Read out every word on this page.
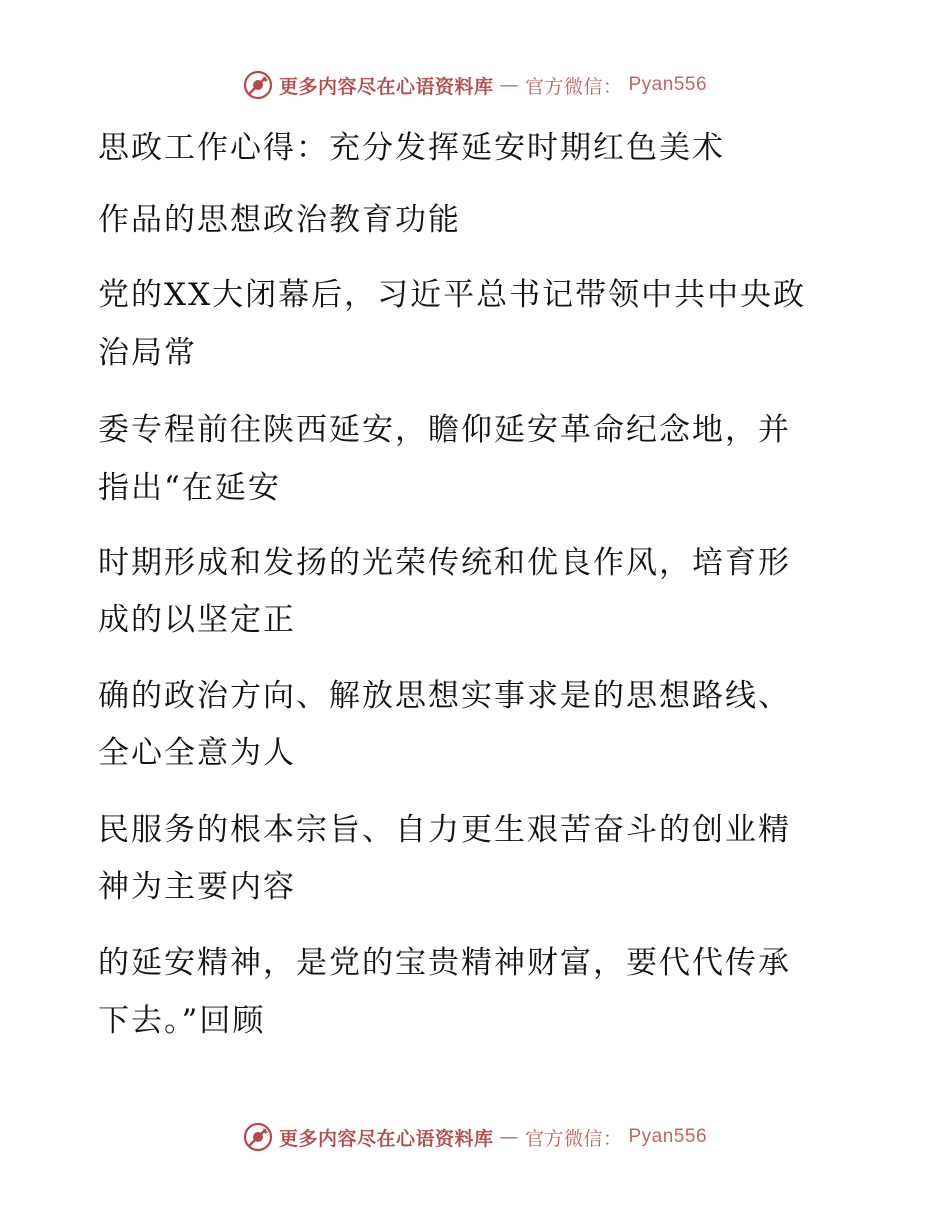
更多内容尽在心语资料库 — 官方微信： Pyan556
思政工作心得：充分发挥延安时期红色美术
作品的思想政治教育功能
党的XX大闭幕后，习近平总书记带领中共中央政
治局常
委专程前往陕西延安，瞻仰延安革命纪念地，并
指出“在延安
时期形成和发扬的光荣传统和优良作风，培育形
成的以坚定正
确的政治方向、解放思想实事求是的思想路线、
全心全意为人
民服务的根本宗旨、自力更生艰苦奋斗的创业精
神为主要内容
的延安精神，是党的宝贵精神财富，要代代传承
下去。”回顾
更多内容尽在心语资料库 — 官方微信： Pyan556
